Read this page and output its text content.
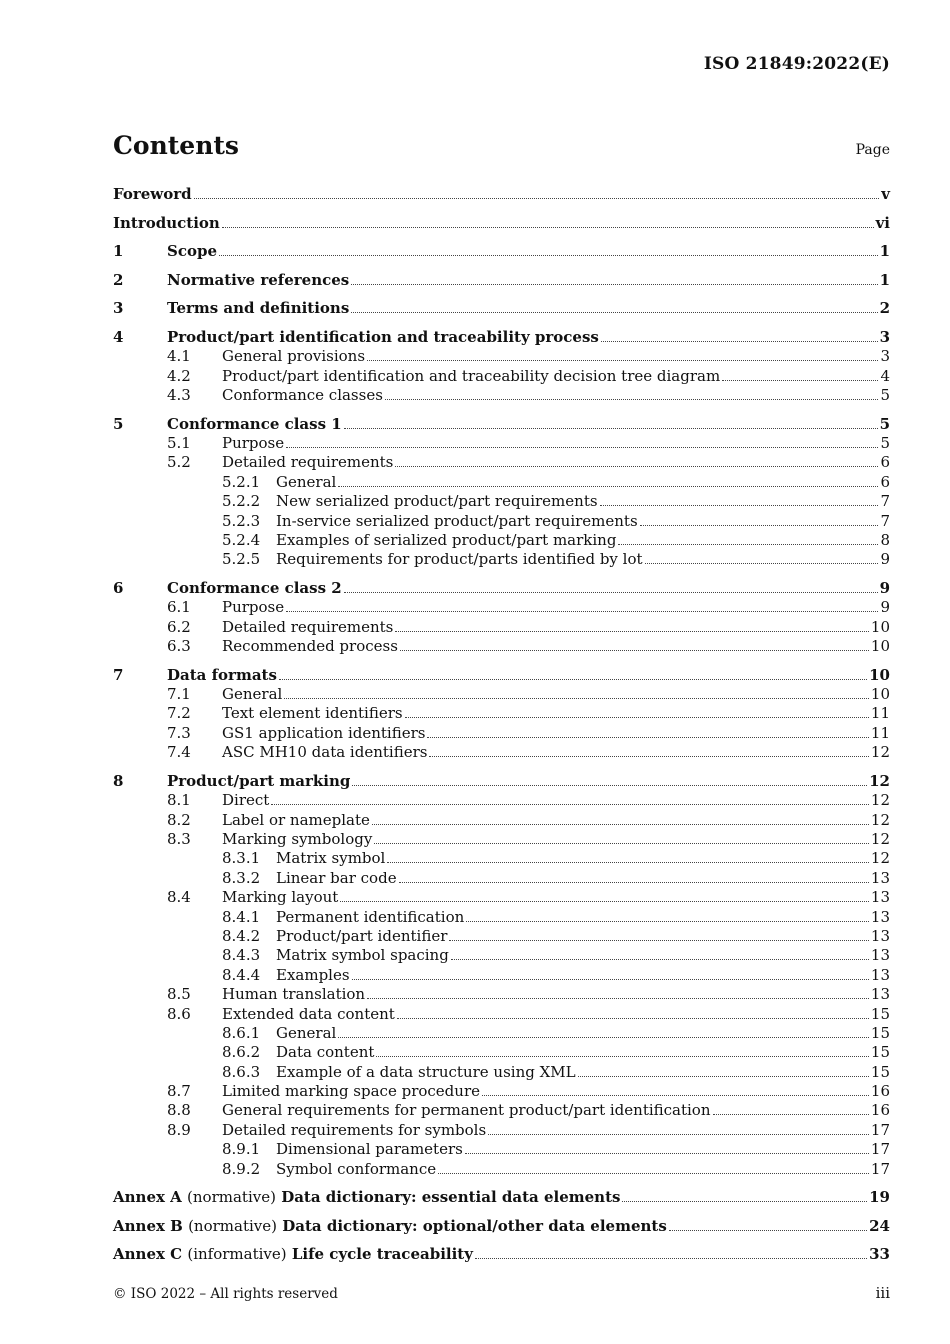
ISO 21849:2022(E)
Contents	Page
Foreword	v
Introduction	vi
1	Scope	1
2	Normative references	1
3	Terms and definitions	2
4	Product/part identification and traceability process	3
4.1	General provisions	3
4.2	Product/part identification and traceability decision tree diagram	4
4.3	Conformance classes	5
5	Conformance class 1	5
5.1	Purpose	5
5.2	Detailed requirements	6
5.2.1	General	6
5.2.2	New serialized product/part requirements	7
5.2.3	In-service serialized product/part requirements	7
5.2.4	Examples of serialized product/part marking	8
5.2.5	Requirements for product/parts identified by lot	9
6	Conformance class 2	9
6.1	Purpose	9
6.2	Detailed requirements	10
6.3	Recommended process	10
7	Data formats	10
7.1	General	10
7.2	Text element identifiers	11
7.3	GS1 application identifiers	11
7.4	ASC MH10 data identifiers	12
8	Product/part marking	12
8.1	Direct	12
8.2	Label or nameplate	12
8.3	Marking symbology	12
8.3.1	Matrix symbol	12
8.3.2	Linear bar code	13
8.4	Marking layout	13
8.4.1	Permanent identification	13
8.4.2	Product/part identifier	13
8.4.3	Matrix symbol spacing	13
8.4.4	Examples	13
8.5	Human translation	13
8.6	Extended data content	15
8.6.1	General	15
8.6.2	Data content	15
8.6.3	Example of a data structure using XML	15
8.7	Limited marking space procedure	16
8.8	General requirements for permanent product/part identification	16
8.9	Detailed requirements for symbols	17
8.9.1	Dimensional parameters	17
8.9.2	Symbol conformance	17
Annex A (normative) Data dictionary: essential data elements	19
Annex B (normative) Data dictionary: optional/other data elements	24
Annex C (informative) Life cycle traceability	33
© ISO 2022 – All rights reserved	iii
